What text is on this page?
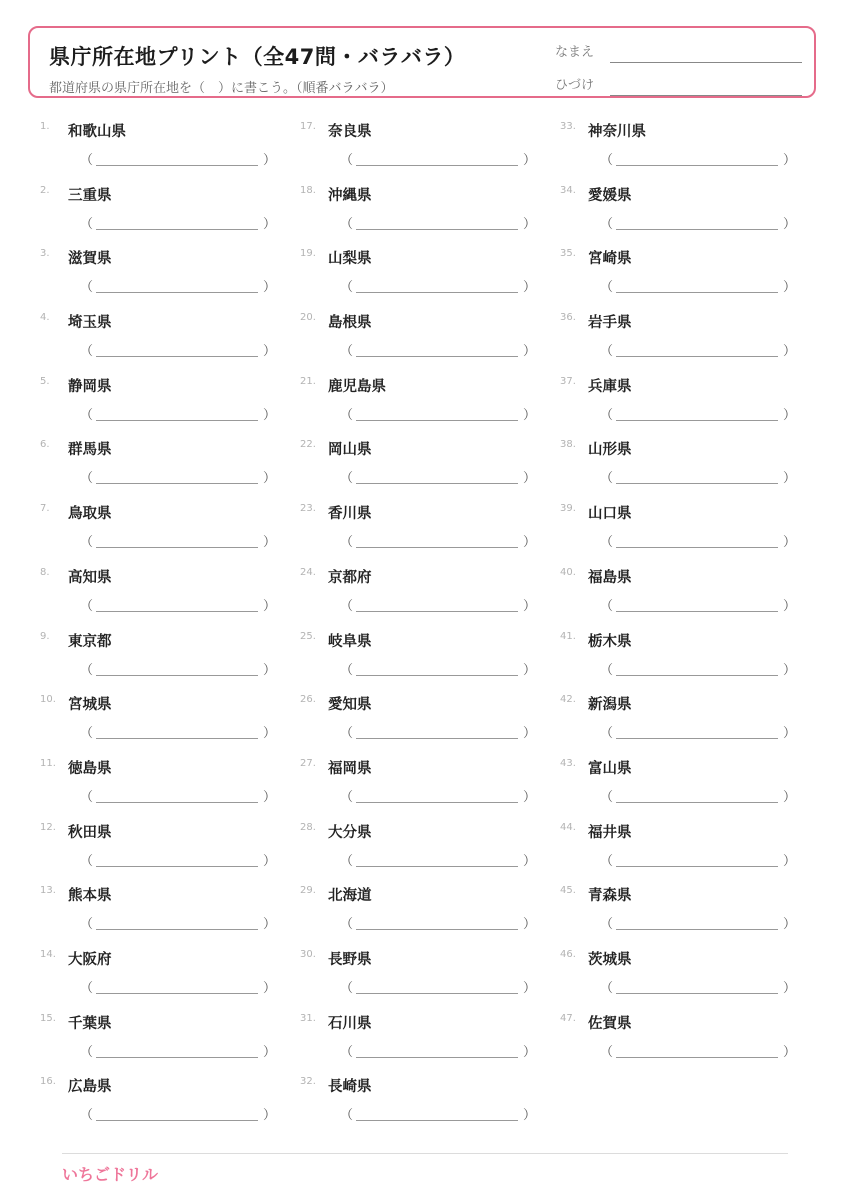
県庁所在地プリント（全47問・バラバラ）
都道府県の県庁所在地を（　）に書こう。（順番バラバラ）
なまえ
ひづけ
1.	和歌山県
（	）
2.	三重県
（	）
3.	滋賀県
（	）
4.	埼玉県
（	）
5.	静岡県
（	）
6.	群馬県
（	）
7.	鳥取県
（	）
8.	高知県
（	）
9.	東京都
（	）
10. 宮城県
（	）
11. 徳島県
（	）
12. 秋田県
（	）
13. 熊本県
（	）
14. 大阪府
（	）
15. 千葉県
（	）
16. 広島県
（	）
17. 奈良県
（	）
18. 沖縄県
（	）
19. 山梨県
（	）
20. 島根県
（	）
21. 鹿児島県
（	）
22. 岡山県
（	）
23. 香川県
（	）
24. 京都府
（	）
25. 岐阜県
（	）
26. 愛知県
（	）
27. 福岡県
（	）
28. 大分県
（	）
29. 北海道
（	）
30. 長野県
（	）
31. 石川県
（	）
32. 長崎県
（	）
33. 神奈川県
（	）
34. 愛媛県
（	）
35. 宮崎県
（	）
36. 岩手県
（	）
37. 兵庫県
（	）
38. 山形県
（	）
39. 山口県
（	）
40. 福島県
（	）
41. 栃木県
（	）
42. 新潟県
（	）
43. 富山県
（	）
44. 福井県
（	）
45. 青森県
（	）
46. 茨城県
（	）
47. 佐賀県
（	）
いちごドリル
